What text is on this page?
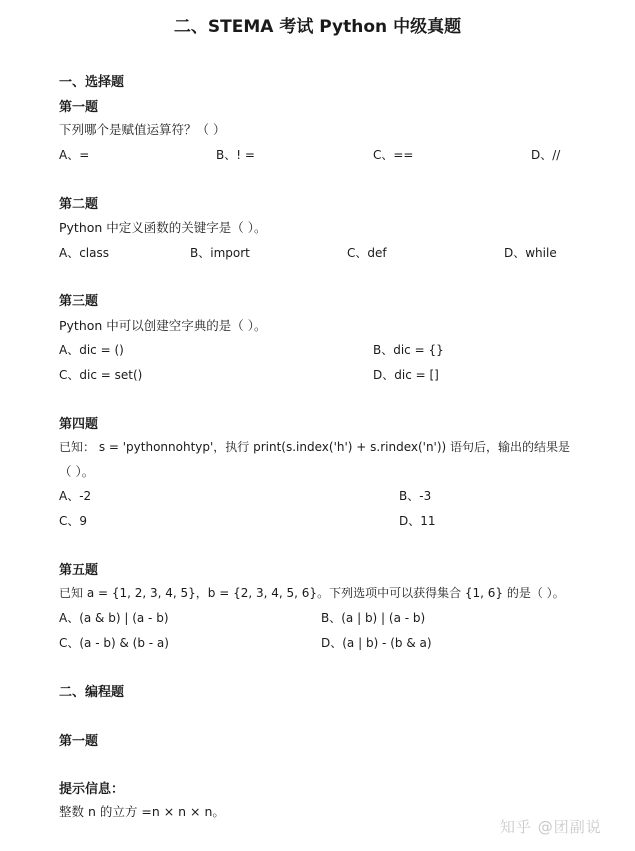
二、STEMA 考试 Python 中级真题
一、选择题
第一题
下列哪个是赋值运算符？（ ）
A、=	B、! =	C、==	D、//
第二题
Python 中定义函数的关键字是（ ）。
A、class	B、import	C、def	D、while
第三题
Python 中可以创建空字典的是（ ）。
A、dic = ()	B、dic = {}
C、dic = set()	D、dic = []
第四题
已知： s = 'pythonnohtyp'，执行 print(s.index('h') + s.rindex('n')) 语句后，输出的结果是
（ ）。
A、-2	B、-3
C、9	D、11
第五题
已知 a = {1, 2, 3, 4, 5}，b = {2, 3, 4, 5, 6}。下列选项中可以获得集合 {1, 6} 的是（ ）。
A、(a & b) | (a - b)	B、(a | b) | (a - b)
C、(a - b) & (b - a)	D、(a | b) - (b & a)
二、编程题
第一题
提示信息：
整数 n 的立方 =n × n × n。
知乎 @团副说
